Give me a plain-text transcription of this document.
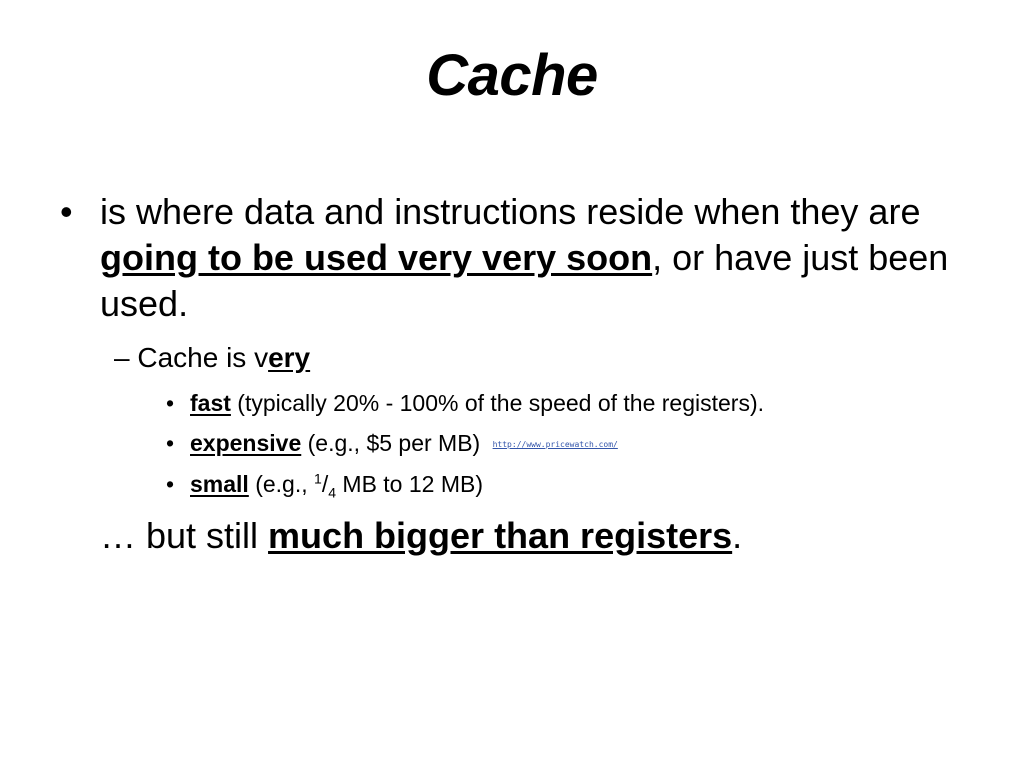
Cache
• is where data and instructions reside when they are going to be used very very soon, or have just been used.
– Cache is very
• fast (typically 20% - 100% of the speed of the registers).
• expensive (e.g., $5 per MB) http://www.pricewatch.com/
• small (e.g., $^1/_4$ MB to 12 MB)
… but still much bigger than registers.
